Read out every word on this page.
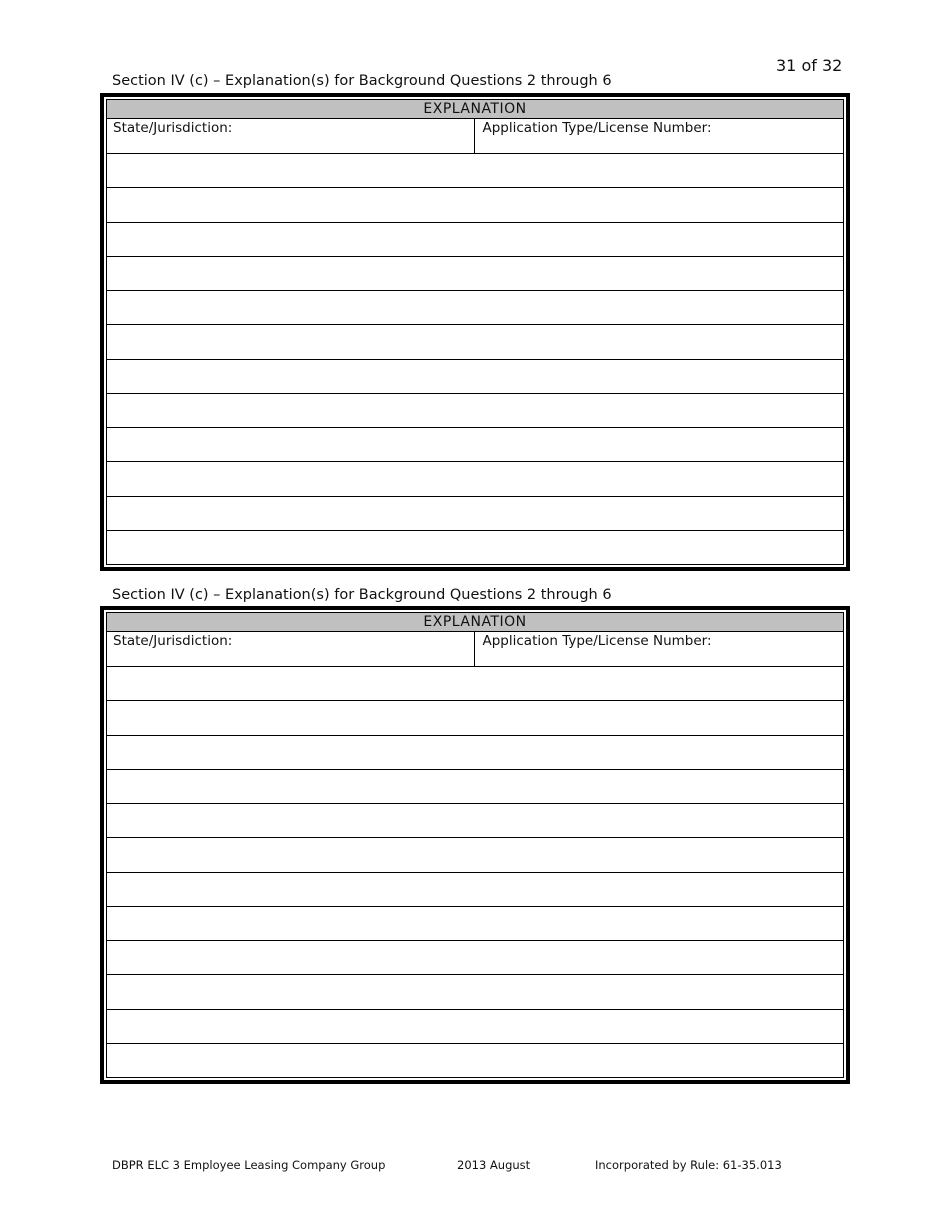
31 of 32
Section IV (c) – Explanation(s) for Background Questions 2 through 6
EXPLANATION
State/Jurisdiction:	Application Type/License Number:
Section IV (c) – Explanation(s) for Background Questions 2 through 6
EXPLANATION
State/Jurisdiction:	Application Type/License Number:
DBPR ELC 3 Employee Leasing Company Group	2013 August	Incorporated by Rule: 61-35.013
